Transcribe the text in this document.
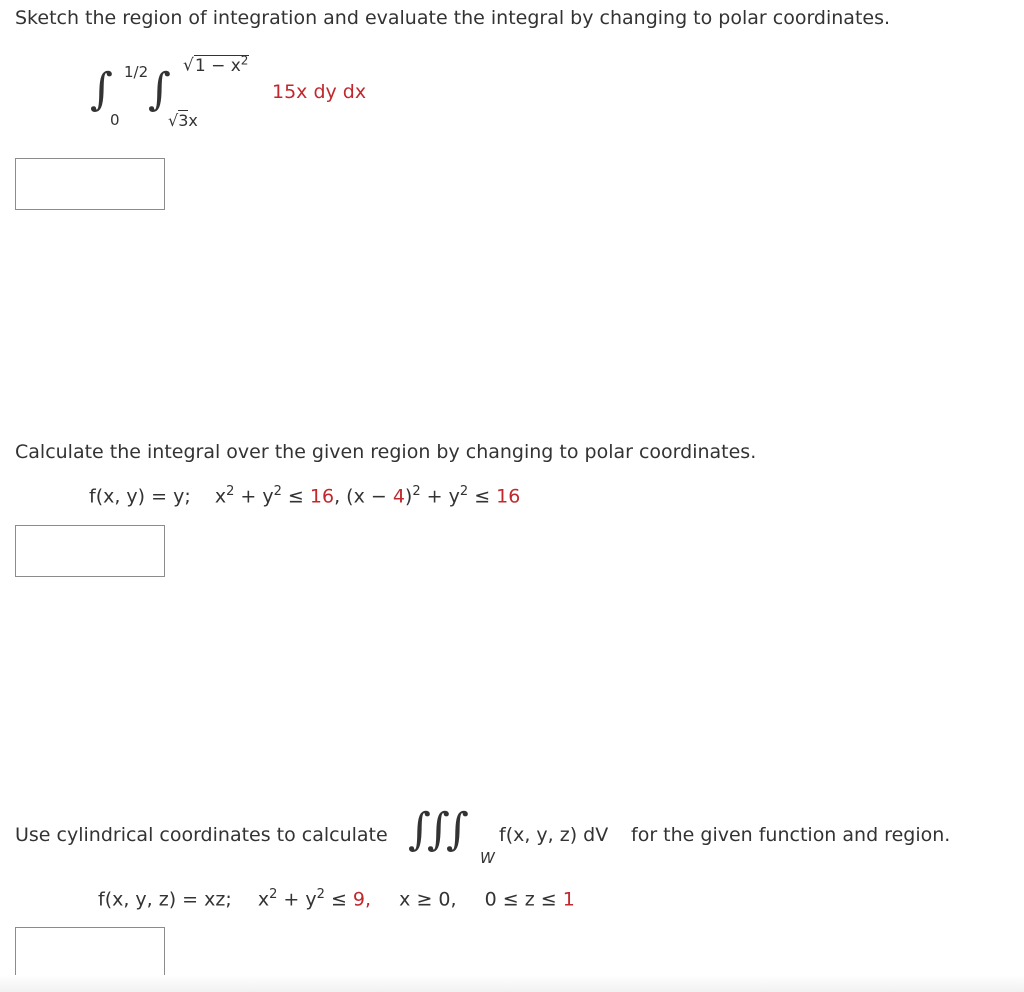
Sketch the region of integration and evaluate the integral by changing to polar coordinates.
∫ 1/2
0
∫ $√1 - x^2$
√3x
15x dy dx
Calculate the integral over the given region by changing to polar coordinates.
f(x, y) = y; $x^2 + y^2 \le 16$, $(x - 4)^2 + y^2 \le 16$
Use cylindrical coordinates to calculate ∫
∫
∫
W
f(x, y, z) dV for the given function and region.
f(x, y, z) = xz; $x^2 + y^2 \le 9$, x ≥ 0, 0 ≤ z ≤ 1
